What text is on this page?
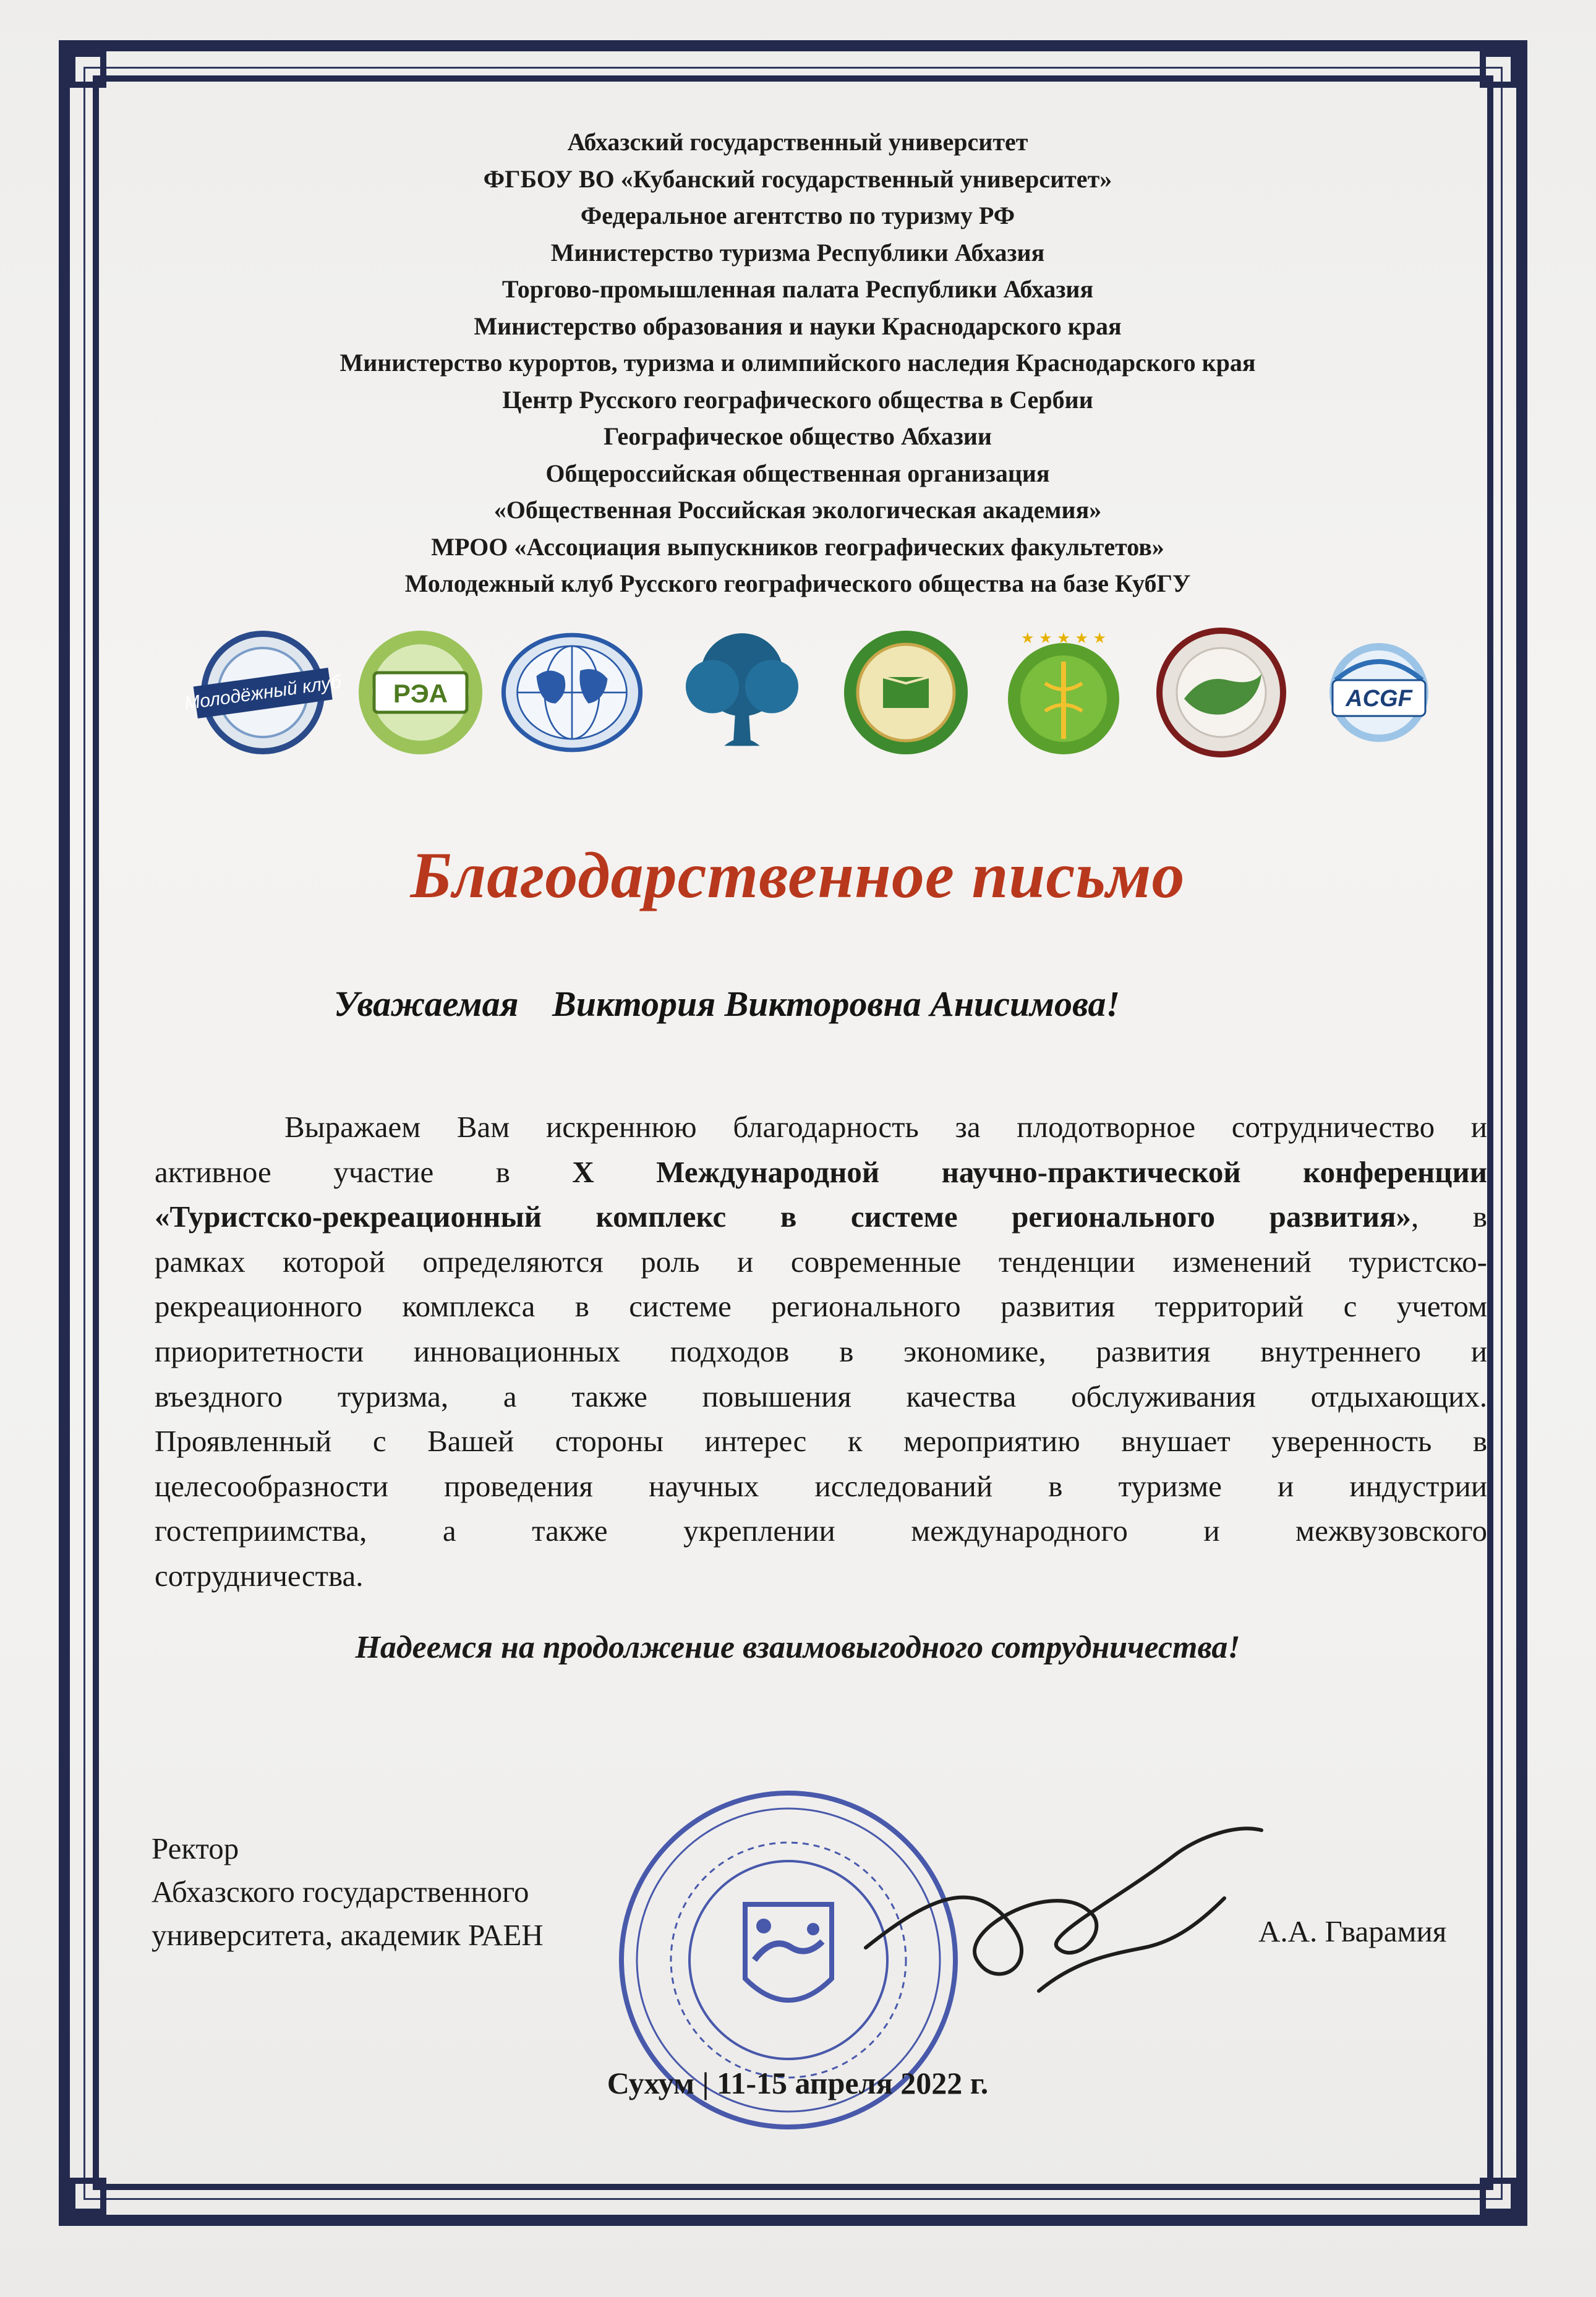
Абхазский государственный университет
ФГБОУ ВО «Кубанский государственный университет»
Федеральное агентство по туризму РФ
Министерство туризма Республики Абхазия
Торгово-промышленная палата Республики Абхазия
Министерство образования и науки Краснодарского края
Министерство курортов, туризма и олимпийского наследия Краснодарского края
Центр Русского географического общества в Сербии
Географическое общество Абхазии
Общероссийская общественная организация
«Общественная Российская экологическая академия»
МРОО «Ассоциация выпускников географических факультетов»
Молодежный клуб Русского географического общества на базе КубГУ
Молодёжный клуб РЭА
★ ★ ★ ★ ★
ACGF
Благодарственное письмо
Уважаемая Виктория Викторовна Анисимова!
Выражаем Вам искреннюю благодарность за плодотворное сотрудничество и
активное участие в Х Международной научно-практической конференции
«Туристско-рекреационный комплекс в системе регионального развития», в
рамках которой определяются роль и современные тенденции изменений туристско-
рекреационного комплекса в системе регионального развития территорий с учетом
приоритетности инновационных подходов в экономике, развития внутреннего и
въездного туризма, а также повышения качества обслуживания отдыхающих.
Проявленный с Вашей стороны интерес к мероприятию внушает уверенность в
целесообразности проведения научных исследований в туризме и индустрии
гостеприимства, а также укреплении международного и межвузовского
сотрудничества.
Надеемся на продолжение взаимовыгодного сотрудничества!
Ректор
Абхазского государственного
университета, академик РАЕН	А.А. Гварамия
Сухум | 11-15 апреля 2022 г.
